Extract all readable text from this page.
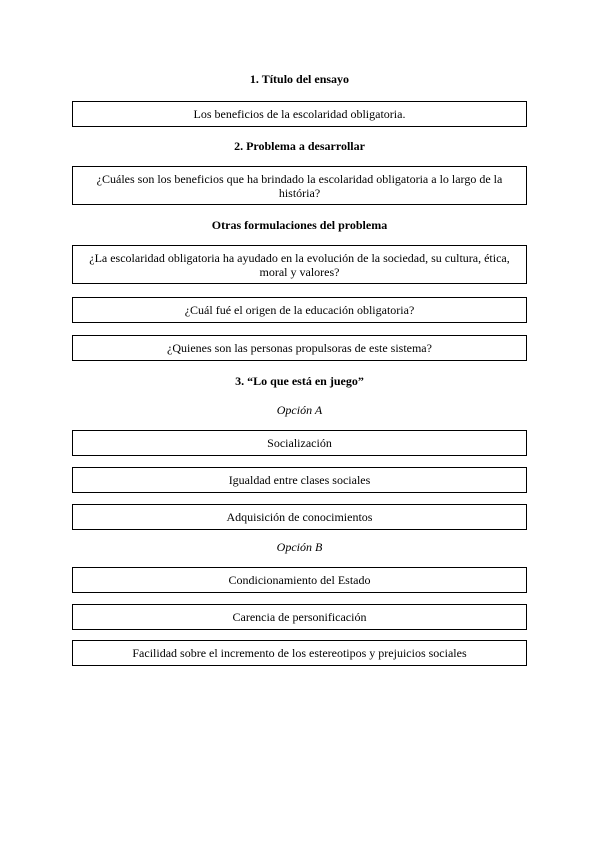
1. Título del ensayo
Los beneficios de la escolaridad obligatoria.
2. Problema a desarrollar
¿Cuáles son los beneficios que ha brindado la escolaridad obligatoria a lo largo de la história?
Otras formulaciones del problema
¿La escolaridad obligatoria ha ayudado en la evolución de la sociedad, su cultura, ética, moral y valores?
¿Cuál fué el origen de la educación obligatoria?
¿Quienes son las personas propulsoras de este sistema?
3. “Lo que está en juego”
Opción A
Socialización
Igualdad entre clases sociales
Adquisición de conocimientos
Opción B
Condicionamiento del Estado
Carencia de personificación
Facilidad sobre el incremento de los estereotipos y prejuicios sociales
